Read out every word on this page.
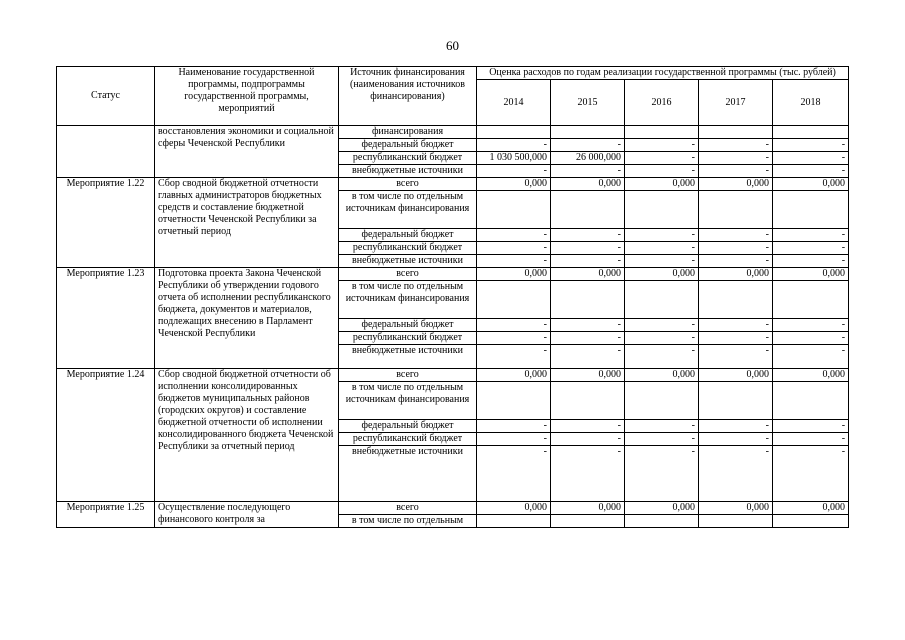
60
Статус	Наименование государственной программы, подпрограммы государственной программы, мероприятий	Источник финансирования (наименования источников финансирования)	Оценка расходов по годам реализации государственной программы (тыс. рублей)				
			2014	2015	2016	2017	2018
	восстановления экономики и социальной сферы Чеченской Республики	финансирования					
		федеральный бюджет	-	-	-	-	-
		республиканский бюджет	1 030 500,000	26 000,000	-	-	-
		внебюджетные источники	-	-	-	-	-
Мероприятие 1.22	Сбор сводной бюджетной отчетности главных администраторов бюджетных средств и составление бюджетной отчетности Чеченской Республики за отчетный период	всего	0,000	0,000	0,000	0,000	0,000
		в том числе по отдельным источникам финансирования					
		федеральный бюджет	-	-	-	-	-
		республиканский бюджет	-	-	-	-	-
		внебюджетные источники	-	-	-	-	-
Мероприятие 1.23	Подготовка проекта Закона Чеченской Республики об утверждении годового отчета об исполнении республиканского бюджета, документов и материалов, подлежащих внесению в Парламент Чеченской Республики	всего	0,000	0,000	0,000	0,000	0,000
		в том числе по отдельным источникам финансирования					
		федеральный бюджет	-	-	-	-	-
		республиканский бюджет	-	-	-	-	-
		внебюджетные источники	-	-	-	-	-
Мероприятие 1.24	Сбор сводной бюджетной отчетности об исполнении консолидированных бюджетов муниципальных районов (городских округов) и составление бюджетной отчетности об исполнении консолидированного бюджета Чеченской Республики за отчетный период	всего	0,000	0,000	0,000	0,000	0,000
		в том числе по отдельным источникам финансирования					
		федеральный бюджет	-	-	-	-	-
		республиканский бюджет	-	-	-	-	-
		внебюджетные источники	-	-	-	-	-
Мероприятие 1.25	Осуществление последующего финансового контроля за	всего	0,000	0,000	0,000	0,000	0,000
		в том числе по отдельным					
